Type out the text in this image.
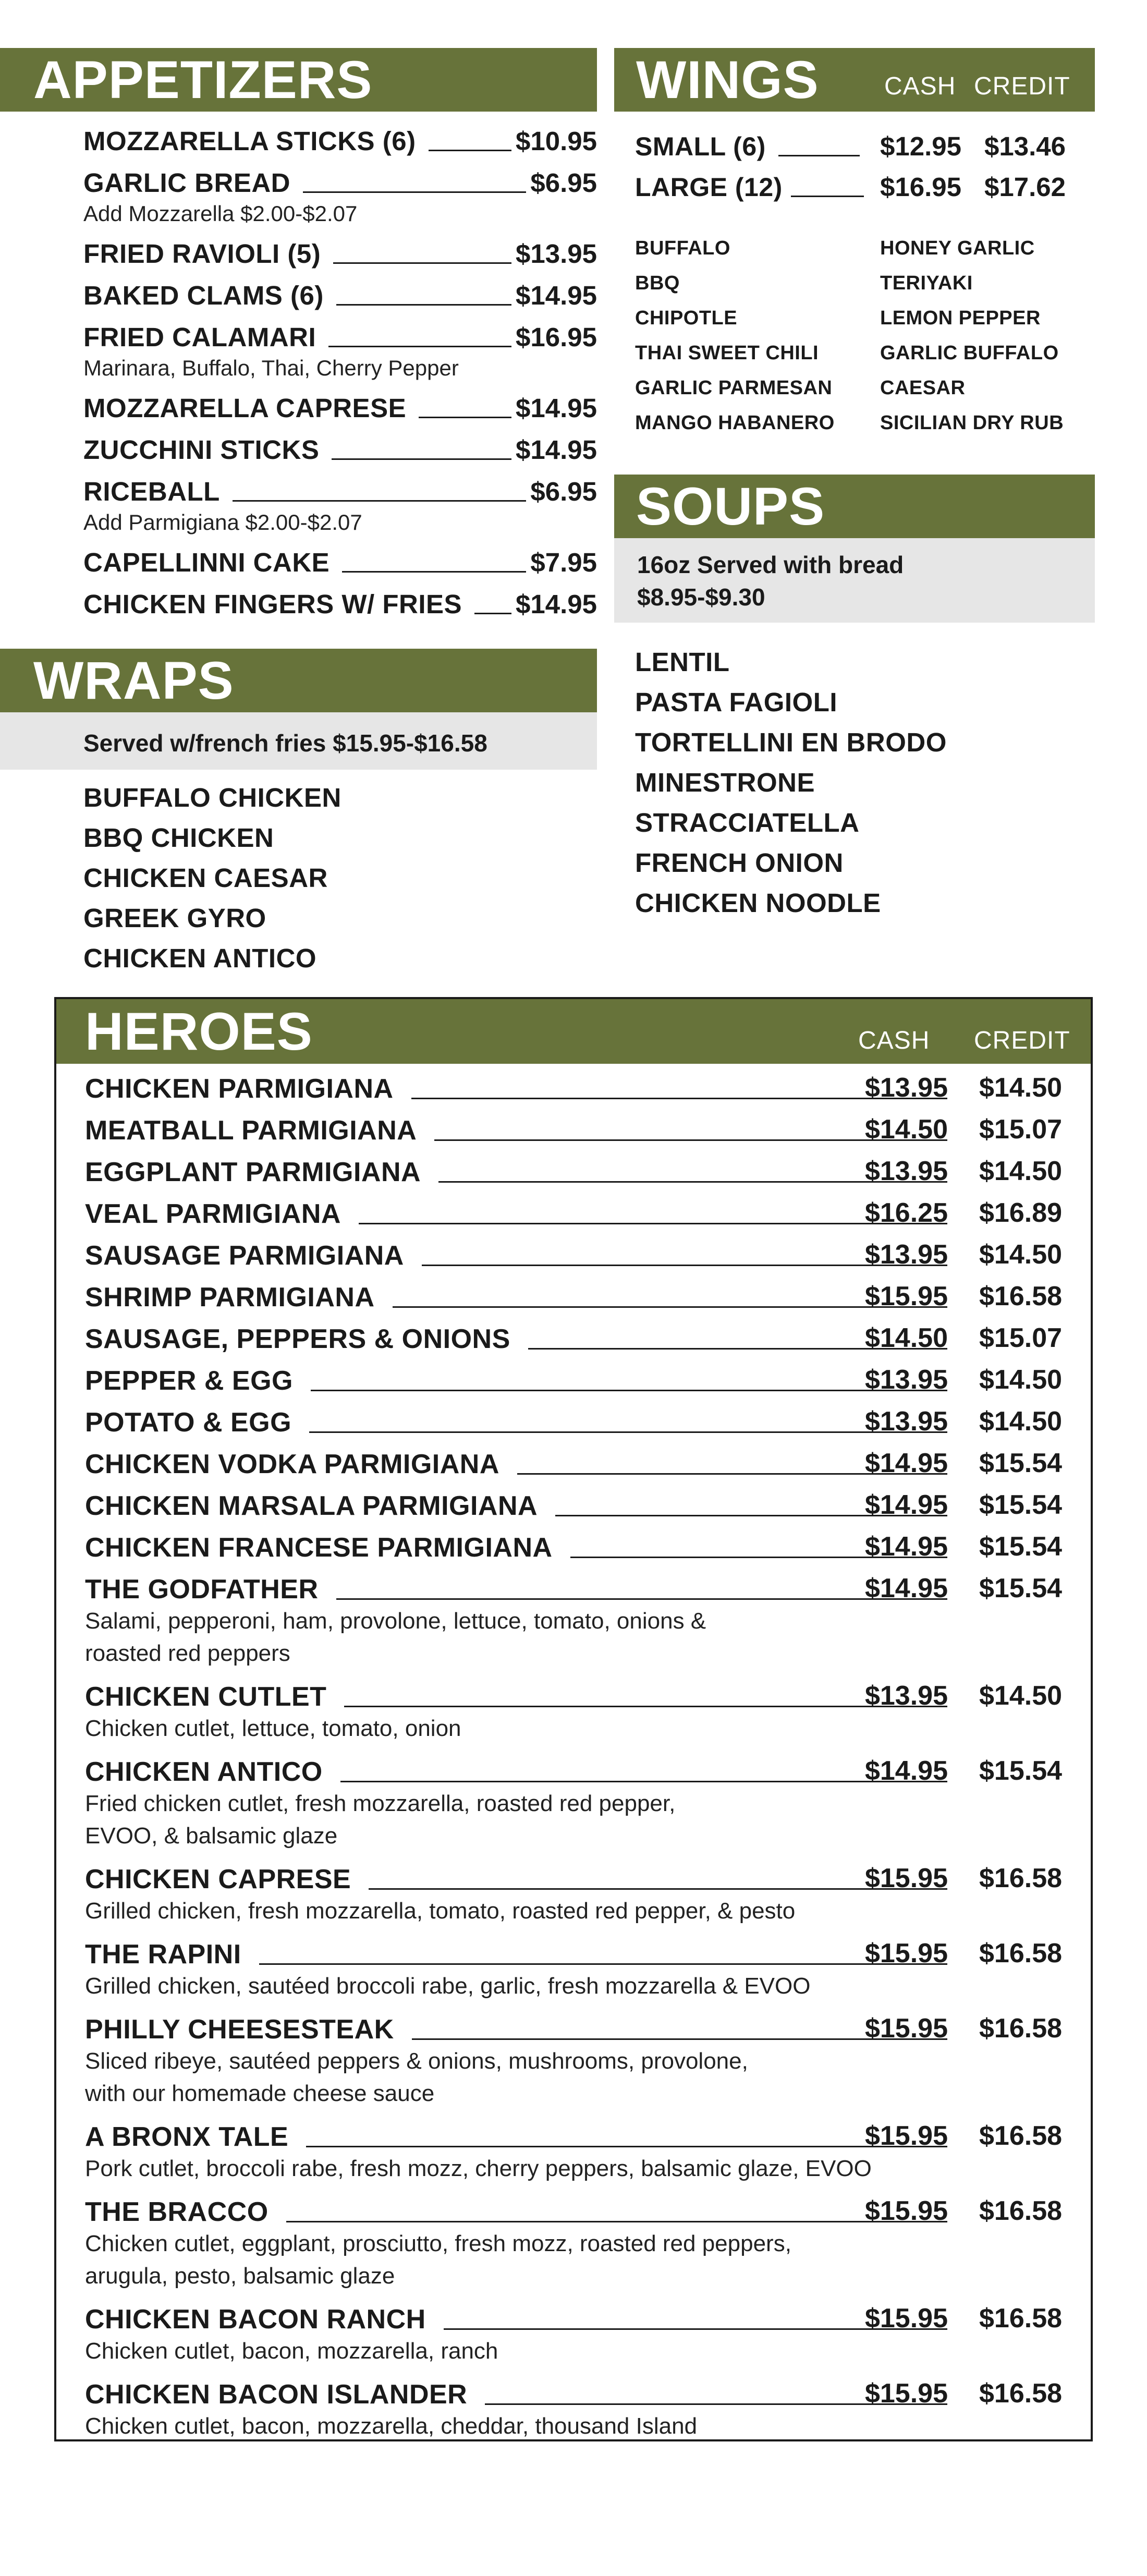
APPETIZERS
MOZZARELLA STICKS (6)	$10.95
GARLIC BREAD	$6.95
Add Mozzarella $2.00-$2.07
FRIED RAVIOLI (5)	$13.95
BAKED CLAMS (6)	$14.95
FRIED CALAMARI	$16.95
Marinara, Buffalo, Thai, Cherry Pepper
MOZZARELLA CAPRESE	$14.95
ZUCCHINI STICKS	$14.95
RICEBALL	$6.95
Add Parmigiana $2.00-$2.07
CAPELLINNI CAKE	$7.95
CHICKEN FINGERS W/ FRIES $14.95
WINGS	CASH CREDIT
SMALL (6)	$12.95 $13.46
LARGE (12)	$16.95 $17.62
BUFFALO
BBQ
CHIPOTLE
THAI SWEET CHILI
GARLIC PARMESAN
MANGO HABANERO
HONEY GARLIC
TERIYAKI
LEMON PEPPER
GARLIC BUFFALO
CAESAR
SICILIAN DRY RUB
SOUPS
16oz Served with bread
$8.95-$9.30
LENTIL
PASTA FAGIOLI
TORTELLINI EN BRODO
MINESTRONE
STRACCIATELLA
FRENCH ONION
CHICKEN NOODLE
WRAPS
Served w/french fries $15.95-$16.58
BUFFALO CHICKEN
BBQ CHICKEN
CHICKEN CAESAR
GREEK GYRO
CHICKEN ANTICO
HEROES	CASH CREDIT
CHICKEN PARMIGIANA	$13.95 $14.50
MEATBALL PARMIGIANA	$14.50 $15.07
EGGPLANT PARMIGIANA	$13.95 $14.50
VEAL PARMIGIANA	$16.25 $16.89
SAUSAGE PARMIGIANA	$13.95 $14.50
SHRIMP PARMIGIANA	$15.95 $16.58
SAUSAGE, PEPPERS & ONIONS	$14.50 $15.07
PEPPER & EGG	$13.95 $14.50
POTATO & EGG	$13.95 $14.50
CHICKEN VODKA PARMIGIANA	$14.95 $15.54
CHICKEN MARSALA PARMIGIANA	$14.95 $15.54
CHICKEN FRANCESE PARMIGIANA	$14.95 $15.54
THE GODFATHER	$14.95 $15.54
Salami, pepperoni, ham, provolone, lettuce, tomato, onions &
roasted red peppers
CHICKEN CUTLET	$13.95 $14.50
Chicken cutlet, lettuce, tomato, onion
CHICKEN ANTICO	$14.95 $15.54
Fried chicken cutlet, fresh mozzarella, roasted red pepper,
EVOO, & balsamic glaze
CHICKEN CAPRESE	$15.95 $16.58
Grilled chicken, fresh mozzarella, tomato, roasted red pepper, & pesto
THE RAPINI	$15.95 $16.58
Grilled chicken, sautéed broccoli rabe, garlic, fresh mozzarella & EVOO
PHILLY CHEESESTEAK	$15.95 $16.58
Sliced ribeye, sautéed peppers & onions, mushrooms, provolone,
with our homemade cheese sauce
A BRONX TALE	$15.95 $16.58
Pork cutlet, broccoli rabe, fresh mozz, cherry peppers, balsamic glaze, EVOO
THE BRACCO	$15.95 $16.58
Chicken cutlet, eggplant, prosciutto, fresh mozz, roasted red peppers,
arugula, pesto, balsamic glaze
CHICKEN BACON RANCH	$15.95 $16.58
Chicken cutlet, bacon, mozzarella, ranch
CHICKEN BACON ISLANDER	$15.95 $16.58
Chicken cutlet, bacon, mozzarella, cheddar, thousand Island
